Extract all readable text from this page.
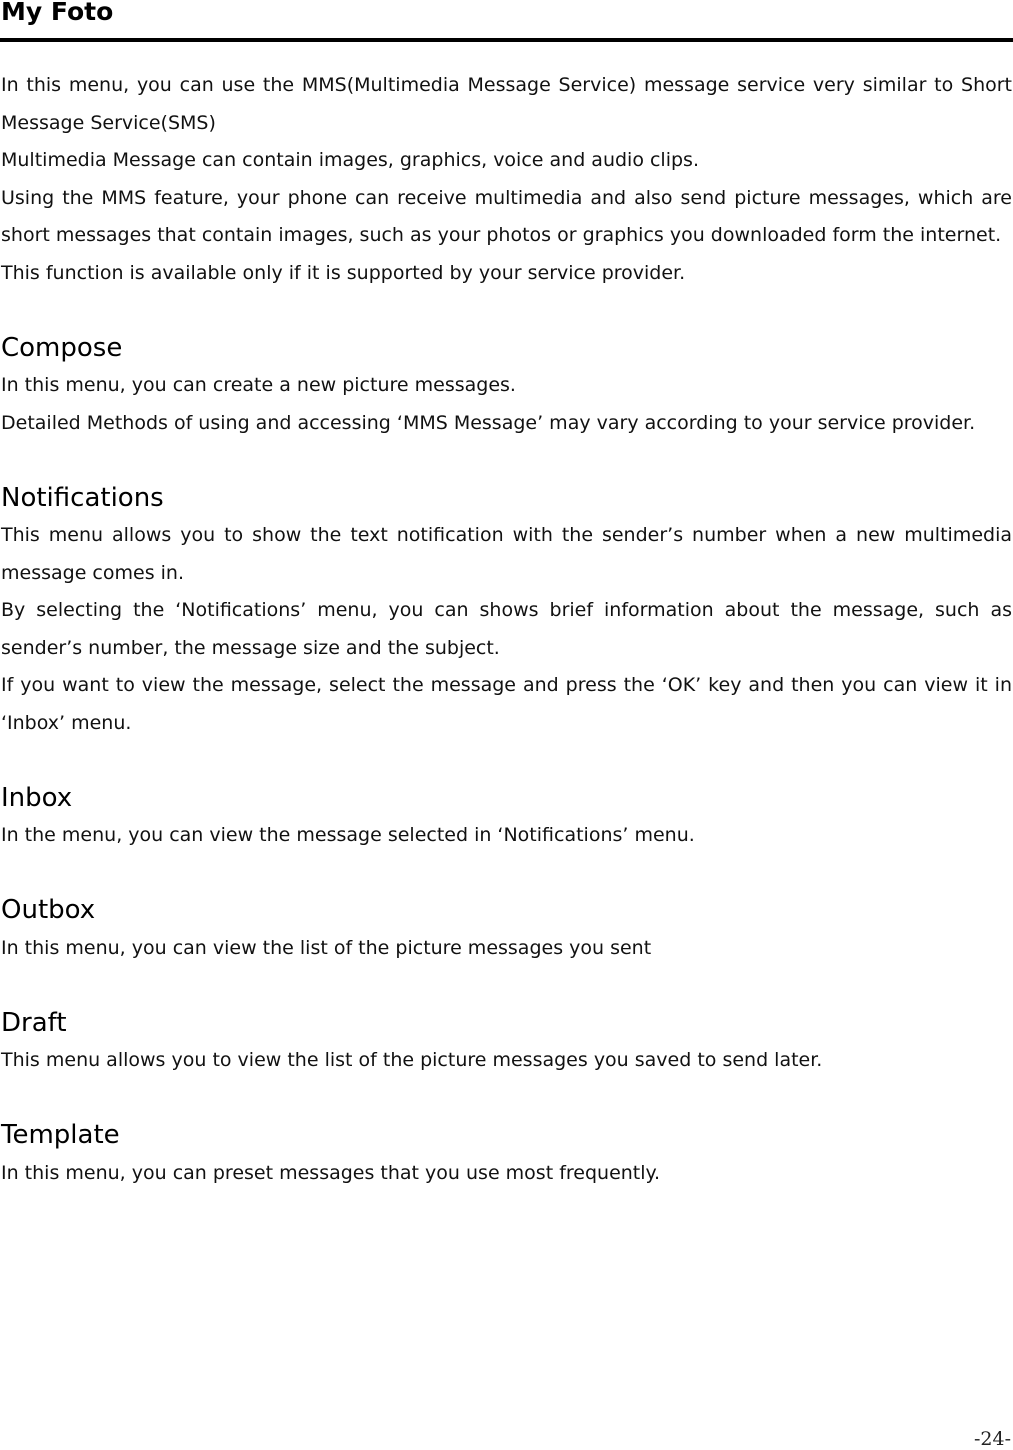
My Foto

In this menu, you can use the MMS(Multimedia Message Service) message service very similar to Short Message Service(SMS)

Multimedia Message can contain images, graphics, voice and audio clips.

Using the MMS feature, your phone can receive multimedia and also send picture messages, which are short messages that contain images, such as your photos or graphics you downloaded form the internet.

This function is available only if it is supported by your service provider.

Compose

In this menu, you can create a new picture messages.

Detailed Methods of using and accessing ‘MMS Message’ may vary according to your service provider.

Notifications

This menu allows you to show the text notification with the sender’s number when a new multimedia message comes in.

By selecting the ‘Notifications’ menu, you can shows brief information about the message, such as sender’s number, the message size and the subject.

If you want to view the message, select the message and press the ‘OK’ key and then you can view it in ‘Inbox’ menu.

Inbox

In the menu, you can view the message selected in ‘Notifications’ menu.

Outbox

In this menu, you can view the list of the picture messages you sent

Draft

This menu allows you to view the list of the picture messages you saved to send later.

Template

In this menu, you can preset messages that you use most frequently.

-24-
